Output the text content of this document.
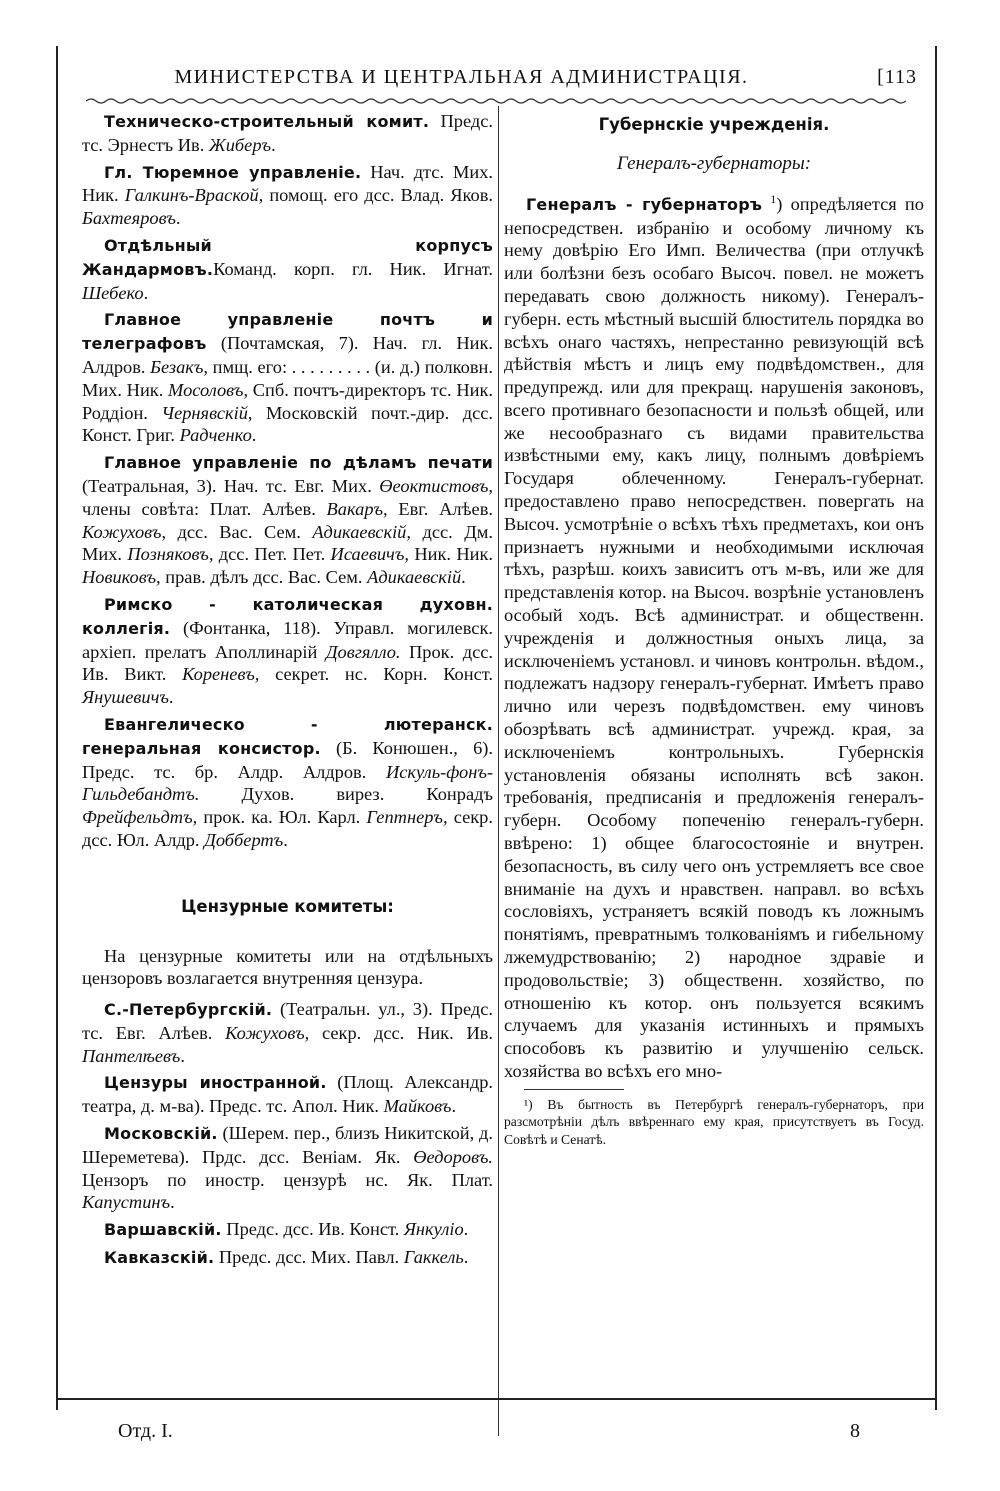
МИНИСТЕРСТВА И ЦЕНТРАЛЬНАЯ АДМИНИСТРАЦІЯ.	[113

Техническо-строительный комит. Предс. тс. Эрнестъ Ив. Жиберъ.

Гл. Тюремное управленіе. Нач. дтс. Мих. Ник. Галкинъ-Враской, помощ. его дсс. Влад. Яков. Бахтеяровъ.

Отдѣльный корпусъ Жандармовъ.Команд. корп. гл. Ник. Игнат. Шебеко.

Главное управленіе почтъ и телеграфовъ (Почтамская, 7). Нач. гл. Ник. Алдров. Безакъ, пмщ. его: . . . . . . . . . (и. д.) полковн. Мих. Ник. Мосоловъ, Спб. почтъ-директоръ тс. Ник. Роддіон. Чернявскій, Московскій почт.-дир. дсс. Конст. Григ. Радченко.

Главное управленіе по дѣламъ печати (Театральная, 3). Нач. тс. Евг. Мих. Өеоктистовъ, члены совѣта: Плат. Алѣев. Вакаръ, Евг. Алѣев. Кожуховъ, дсс. Вас. Сем. Адикаевскій, дсс. Дм. Мих. Позняковъ, дсс. Пет. Пет. Исаевичъ, Ник. Ник. Новиковъ, прав. дѣлъ дсс. Вас. Сем. Адикаевскій.

Римско - католическая духовн. коллегія. (Фонтанка, 118). Управл. могилевск. архіеп. прелатъ Аполлинарій Довгялло. Прок. дсс. Ив. Викт. Кореневъ, секрет. нс. Корн. Конст. Янушевичъ.

Евангелическо - лютеранск. генеральная консистор. (Б. Конюшен., 6). Предс. тс. бр. Алдр. Алдров. Искуль-фонъ-Гильдебандтъ. Духов. вирез. Конрадъ Фрейфельдтъ, прок. ка. Юл. Карл. Гептнеръ, секр. дсс. Юл. Алдр. Доббертъ.

Цензурные комитеты:

На цензурные комитеты или на отдѣльныхъ цензоровъ возлагается внутренняя цензура.

С.-Петербургскій. (Театральн. ул., 3). Предс. тс. Евг. Алѣев. Кожуховъ, секр. дсс. Ник. Ив. Пантелѣевъ.

Цензуры иностранной. (Площ. Александр. театра, д. м-ва). Предс. тс. Апол. Ник. Майковъ.

Московскій. (Шерем. пер., близъ Никитской, д. Шереметева). Прдс. дсс. Веніам. Як. Өедоровъ. Цензоръ по иностр. цензурѣ нс. Як. Плат. Капустинъ.

Варшавскій. Предс. дсс. Ив. Конст. Янкуліо.

Кавказскій. Предс. дсс. Мих. Павл. Гаккель.

Губернскіе учрежденія.
Генералъ-губернаторы:

Генералъ - губернаторъ $^1$) опредѣляется по непосредствен. избранію и особому личному къ нему довѣрію Его Имп. Величества (при отлучкѣ или болѣзни безъ особаго Высоч. повел. не можетъ передавать свою должность никому). Генералъ-губерн. есть мѣстный высшій блюститель порядка во всѣхъ онаго частяхъ, непрестанно ревизующій всѣ дѣйствія мѣстъ и лицъ ему подвѣдомствен., для предупрежд. или для прекращ. нарушенія законовъ, всего противнаго безопасности и пользѣ общей, или же несообразнаго съ видами правительства извѣстными ему, какъ лицу, полнымъ довѣріемъ Государя облеченному. Генералъ-губернат. предоставлено право непосредствен. повергать на Высоч. усмотрѣніе о всѣхъ тѣхъ предметахъ, кои онъ признаетъ нужными и необходимыми исключая тѣхъ, разрѣш. коихъ зависитъ отъ м-въ, или же для представленія котор. на Высоч. возрѣніе установленъ особый ходъ. Всѣ администрат. и общественн. учрежденія и должностныя оныхъ лица, за исключеніемъ установл. и чиновъ контрольн. вѣдом., подлежатъ надзору генералъ-губернат. Имѣетъ право лично или черезъ подвѣдомствен. ему чиновъ обозрѣвать всѣ администрат. учрежд. края, за исключеніемъ контрольныхъ. Губернскія установленія обязаны исполнять всѣ закон. требованія, предписанія и предложенія генералъ-губерн. Особому попеченію генералъ-губерн. ввѣрено: 1) общее благосостояніе и внутрен. безопасность, въ силу чего онъ устремляетъ все свое вниманіе на духъ и нравствен. направл. во всѣхъ сословіяхъ, устраняетъ всякій поводъ къ ложнымъ понятіямъ, превратнымъ толкованіямъ и гибельному лжемудрствованію; 2) народное здравіе и продовольствіе; 3) общественн. хозяйство, по отношенію къ котор. онъ пользуется всякимъ случаемъ для указанія истинныхъ и прямыхъ способовъ къ развитію и улучшенію сельск. хозяйства во всѣхъ его мно-

¹) Въ бытность въ Петербургѣ генералъ-губернаторъ, при разсмотрѣніи дѣлъ ввѣреннаго ему края, присутствуетъ въ Госуд. Совѣтѣ и Сенатѣ.

Отд. I.	8
